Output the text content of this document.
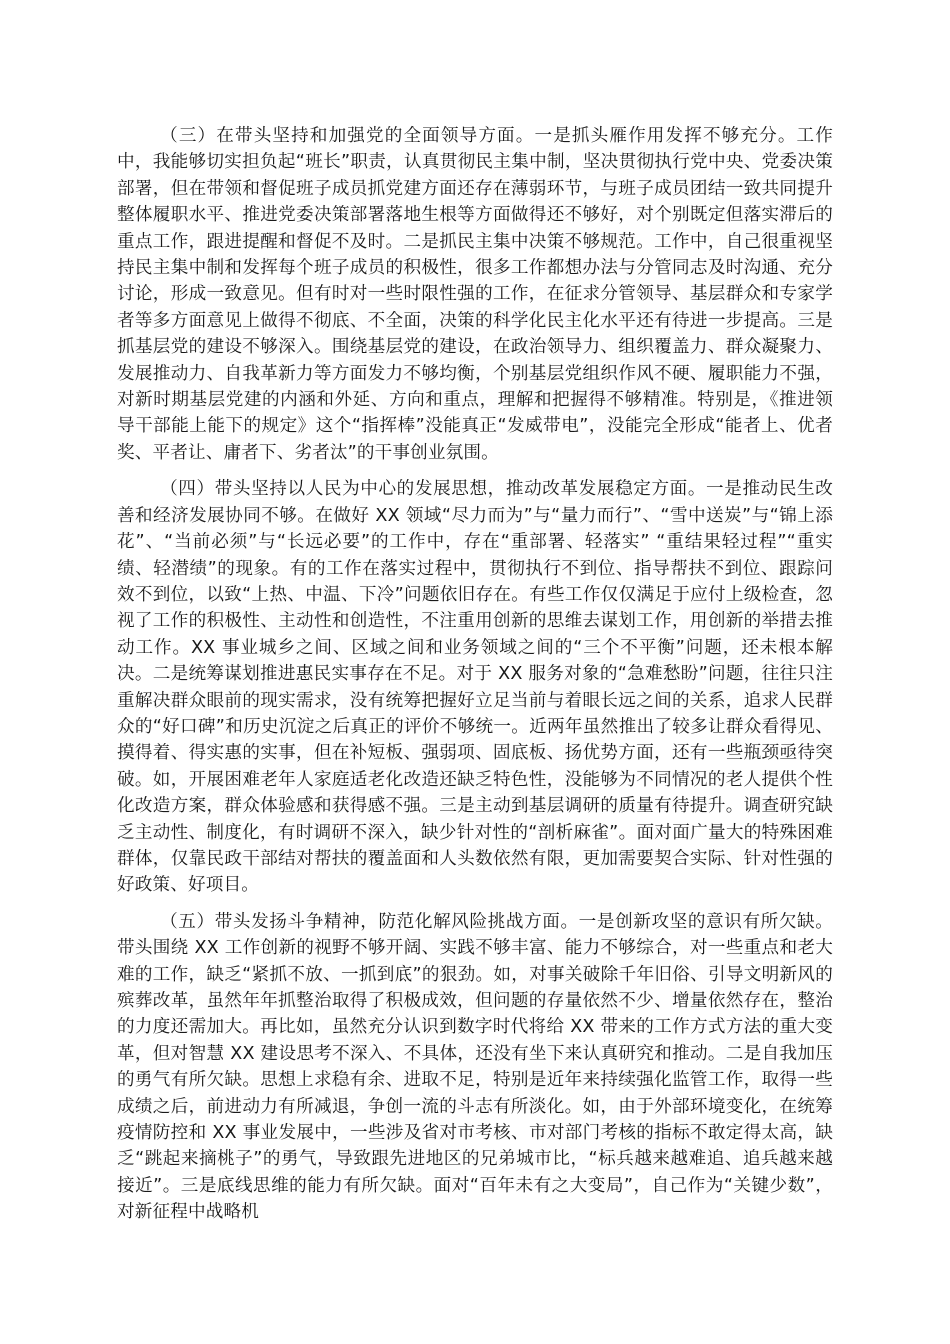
（三）在带头坚持和加强党的全面领导方面。一是抓头雁作用发挥不够充分。工作中，我能够切实担负起“班长”职责，认真贯彻民主集中制，坚决贯彻执行党中央、党委决策部署，但在带领和督促班子成员抓党建方面还存在薄弱环节，与班子成员团结一致共同提升整体履职水平、推进党委决策部署落地生根等方面做得还不够好，对个别既定但落实滞后的重点工作，跟进提醒和督促不及时。二是抓民主集中决策不够规范。工作中，自己很重视坚持民主集中制和发挥每个班子成员的积极性，很多工作都想办法与分管同志及时沟通、充分讨论，形成一致意见。但有时对一些时限性强的工作，在征求分管领导、基层群众和专家学者等多方面意见上做得不彻底、不全面，决策的科学化民主化水平还有待进一步提高。三是抓基层党的建设不够深入。围绕基层党的建设，在政治领导力、组织覆盖力、群众凝聚力、发展推动力、自我革新力等方面发力不够均衡，个别基层党组织作风不硬、履职能力不强，对新时期基层党建的内涵和外延、方向和重点，理解和把握得不够精准。特别是，《推进领导干部能上能下的规定》这个“指挥棒”没能真正“发威带电”，没能完全形成“能者上、优者奖、平者让、庸者下、劣者汰”的干事创业氛围。

（四）带头坚持以人民为中心的发展思想，推动改革发展稳定方面。一是推动民生改善和经济发展协同不够。在做好 XX 领域“尽力而为”与“量力而行”、“雪中送炭”与“锦上添花”、“当前必须”与“长远必要”的工作中，存在“重部署、轻落实” “重结果轻过程”“重实绩、轻潜绩”的现象。有的工作在落实过程中，贯彻执行不到位、指导帮扶不到位、跟踪问效不到位，以致“上热、中温、下冷”问题依旧存在。有些工作仅仅满足于应付上级检查，忽视了工作的积极性、主动性和创造性，不注重用创新的思维去谋划工作，用创新的举措去推动工作。XX 事业城乡之间、区域之间和业务领域之间的“三个不平衡”问题，还未根本解决。二是统筹谋划推进惠民实事存在不足。对于 XX 服务对象的“急难愁盼”问题，往往只注重解决群众眼前的现实需求，没有统筹把握好立足当前与着眼长远之间的关系，追求人民群众的“好口碑”和历史沉淀之后真正的评价不够统一。近两年虽然推出了较多让群众看得见、摸得着、得实惠的实事，但在补短板、强弱项、固底板、扬优势方面，还有一些瓶颈亟待突破。如，开展困难老年人家庭适老化改造还缺乏特色性，没能够为不同情况的老人提供个性化改造方案，群众体验感和获得感不强。三是主动到基层调研的质量有待提升。调查研究缺乏主动性、制度化，有时调研不深入，缺少针对性的“剖析麻雀”。面对面广量大的特殊困难群体，仅靠民政干部结对帮扶的覆盖面和人头数依然有限，更加需要契合实际、针对性强的好政策、好项目。

（五）带头发扬斗争精神，防范化解风险挑战方面。一是创新攻坚的意识有所欠缺。带头围绕 XX 工作创新的视野不够开阔、实践不够丰富、能力不够综合，对一些重点和老大难的工作，缺乏“紧抓不放、一抓到底”的狠劲。如，对事关破除千年旧俗、引导文明新风的殡葬改革，虽然年年抓整治取得了积极成效，但问题的存量依然不少、增量依然存在，整治的力度还需加大。再比如，虽然充分认识到数字时代将给 XX 带来的工作方式方法的重大变革，但对智慧 XX 建设思考不深入、不具体，还没有坐下来认真研究和推动。二是自我加压的勇气有所欠缺。思想上求稳有余、进取不足，特别是近年来持续强化监管工作，取得一些成绩之后，前进动力有所减退，争创一流的斗志有所淡化。如，由于外部环境变化，在统筹疫情防控和 XX 事业发展中，一些涉及省对市考核、市对部门考核的指标不敢定得太高，缺乏“跳起来摘桃子”的勇气，导致跟先进地区的兄弟城市比，“标兵越来越难追、追兵越来越接近”。三是底线思维的能力有所欠缺。面对“百年未有之大变局”，自己作为“关键少数”，对新征程中战略机
